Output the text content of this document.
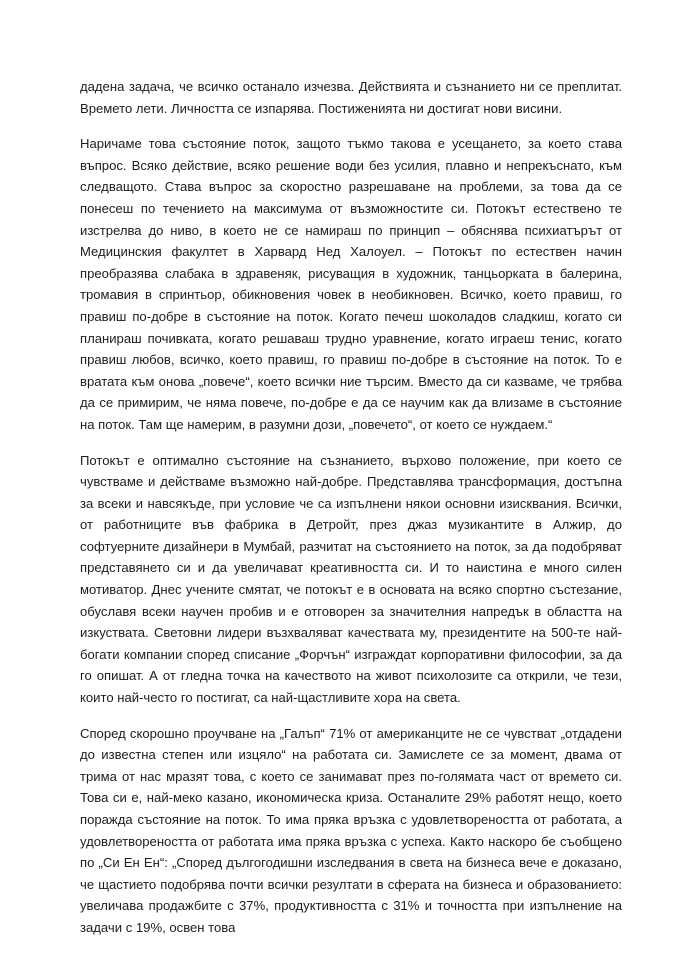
дадена задача, че всичко останало изчезва. Действията и съзнанието ни се преплитат. Времето лети. Личността се изпарява. Постиженията ни достигат нови висини.

Наричаме това състояние поток, защото тъкмо такова е усещането, за което става въпрос. Всяко действие, всяко решение води без усилия, плавно и непрекъснато, към следващото. Става въпрос за скоростно разрешаване на проблеми, за това да се понесеш по течението на максимума от възможностите си. Потокът естествено те изстрелва до ниво, в което не се намираш по принцип – обяснява психиатърът от Медицинския факултет в Харвард Нед Халоуел. – Потокът по естествен начин преобразява слабака в здравеняк, рисуващия в художник, танцьорката в балерина, тромавия в спринтьор, обикновения човек в необикновен. Всичко, което правиш, го правиш по-добре в състояние на поток. Когато печеш шоколадов сладкиш, когато си планираш почивката, когато решаваш трудно уравнение, когато играеш тенис, когато правиш любов, всичко, което правиш, го правиш по-добре в състояние на поток. То е вратата към онова „повече“, което всички ние търсим. Вместо да си казваме, че трябва да се примирим, че няма повече, по-добре е да се научим как да влизаме в състояние на поток. Там ще намерим, в разумни дози, „повечето“, от което се нуждаем.“

Потокът е оптимално състояние на съзнанието, върхово положение, при което се чувстваме и действаме възможно най-добре. Представлява трансформация, достъпна за всеки и навсякъде, при условие че са изпълнени някои основни изисквания. Всички, от работниците във фабрика в Детройт, през джаз музикантите в Алжир, до софтуерните дизайнери в Мумбай, разчитат на състоянието на поток, за да подобряват представянето си и да увеличават креативността си. И то наистина е много силен мотиватор. Днес учените смятат, че потокът е в основата на всяко спортно състезание, обуславя всеки научен пробив и е отговорен за значителния напредък в областта на изкуствата. Световни лидери възхваляват качествата му, президентите на 500-те най-богати компании според списание „Форчън“ изграждат корпоративни философии, за да го опишат. А от гледна точка на качеството на живот психолозите са открили, че тези, които най-често го постигат, са най-щастливите хора на света.

Според скорошно проучване на „Галъп“ 71% от американците не се чувстват „отдадени до известна степен или изцяло“ на работата си. Замислете се за момент, двама от трима от нас мразят това, с което се занимават през по-голямата част от времето си. Това си е, най-меко казано, икономическа криза. Останалите 29% работят нещо, което поражда състояние на поток. То има пряка връзка с удовлетвореността от работата, а удовлетвореността от работата има пряка връзка с успеха. Както наскоро бе съобщено по „Си Ен Ен“: „Според дългогодишни изследвания в света на бизнеса вече е доказано, че щастието подобрява почти всички резултати в сферата на бизнеса и образованието: увеличава продажбите с 37%, продуктивността с 31% и точността при изпълнение на задачи с 19%, освен това
